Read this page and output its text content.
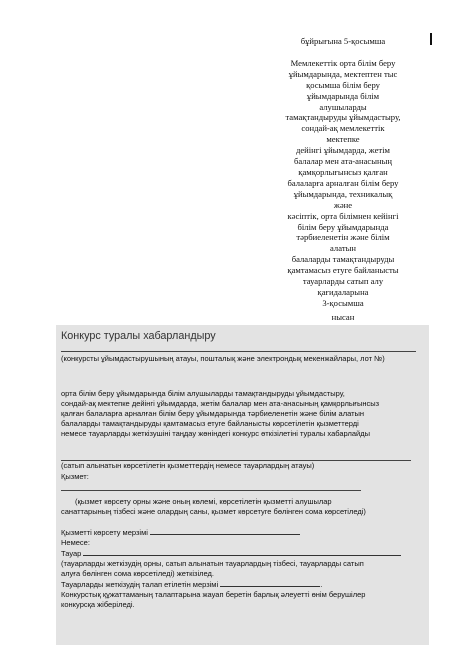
бұйрығына 5-қосымша
Мемлекеттік орта білім беру
ұйымдарында, мектептен тыс
қосымша білім беру
ұйымдарында білім
алушыларды
тамақтандыруды ұйымдастыру,
сондай-ақ мемлекеттік
мектепке
дейінгі ұйымдарда, жетім
балалар мен ата-анасының
қамқорлығынсыз қалған
балаларға арналған білім беру
ұйымдарында, техникалық
және
кәсіптік, орта білімнен кейінгі
білім беру ұйымдарында
тәрбиеленетін және білім
алатын
балаларды тамақтандыруды
қамтамасыз етуге байланысты
тауарларды сатып алу
қағидаларына
3-қосымша
нысан
Конкурс туралы хабарландыру
(конкурсты ұйымдастырушының атауы, пошталық және электрондық мекенжайлары, лот №)
орта білім беру ұйымдарында білім алушыларды тамақтандыруды ұйымдастыру,
сондай-ақ мектепке дейінгі ұйымдарда, жетім балалар мен ата-анасының қамқорлығынсыз
қалған балаларға арналған білім беру ұйымдарында тәрбиеленетін және білім алатын
балаларды тамақтандыруды қамтамасыз етуге байланысты көрсетілетін қызметтерді
немесе тауарларды жеткізушіні таңдау жөніндегі конкурс өткізілетіні туралы хабарлайды
(сатып алынатын көрсетілетін қызметтердің немесе тауарлардың атауы)
Қызмет:
(қызмет көрсету орны және оның көлемі, көрсетілетін қызметті алушылар
санаттарының тізбесі және олардың саны, қызмет көрсетуге бөлінген сома көрсетіледі)
Қызметті көрсету мерзімі
Немесе:
Тауар
(тауарларды жеткізудің орны, сатып алынатын тауарлардың тізбесі, тауарларды сатып
алуға бөлінген сома көрсетіледі) жеткізілед.
Тауарларды жеткізудің талап етілетін мерзімі	.
Конкурстық құжаттаманың талаптарына жауап беретін барлық әлеуетті өнім берушілер
конкурсқа жіберіледі.
